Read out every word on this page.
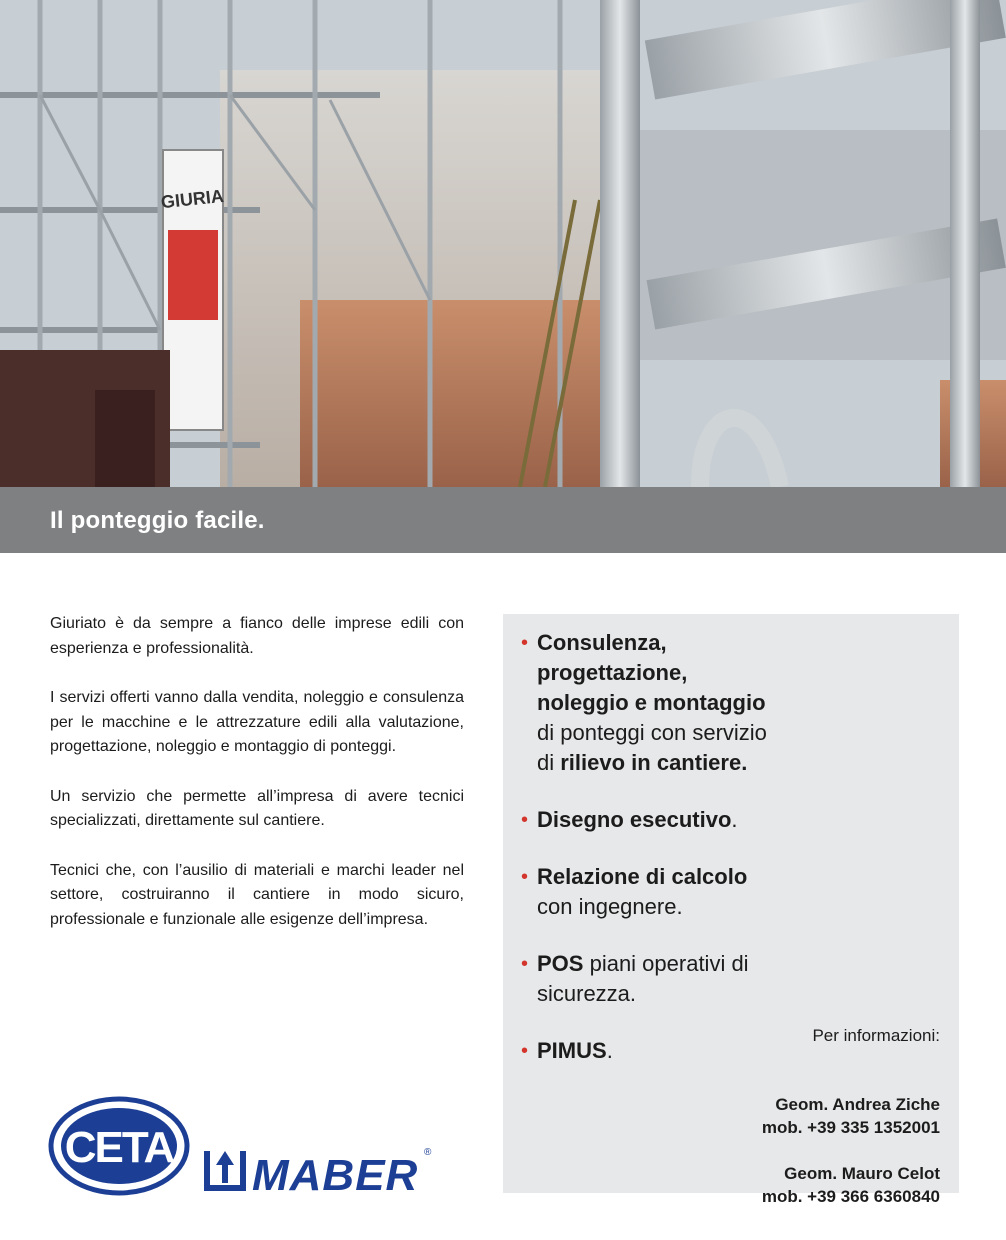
GIURIA
Il ponteggio facile.

Giuriato è da sempre a fianco delle imprese edili con esperienza e professionalità.

I servizi offerti vanno dalla vendita, noleggio e consulenza per le macchine e le attrezzature edili alla valutazione, progettazione, noleggio e montaggio di ponteggi.

Un servizio che permette all’impresa di avere tecnici specializzati, direttamente sul cantiere.

Tecnici che, con l’ausilio di materiali e marchi leader nel settore, costruiranno il cantiere in modo sicuro, professionale e funzionale alle esigenze dell’impresa.

• Consulenza,
progettazione,
noleggio e montaggio
di ponteggi con servizio
di rilievo in cantiere.
• Disegno esecutivo.
• Relazione di calcolo
con ingegnere.
• POS piani operativi di
sicurezza.
• PIMUS.
Per informazioni:
Geom. Andrea Ziche
mob. +39 335 1352001
Geom. Mauro Celot
mob. +39 366 6360840
CETA
MABER ®
